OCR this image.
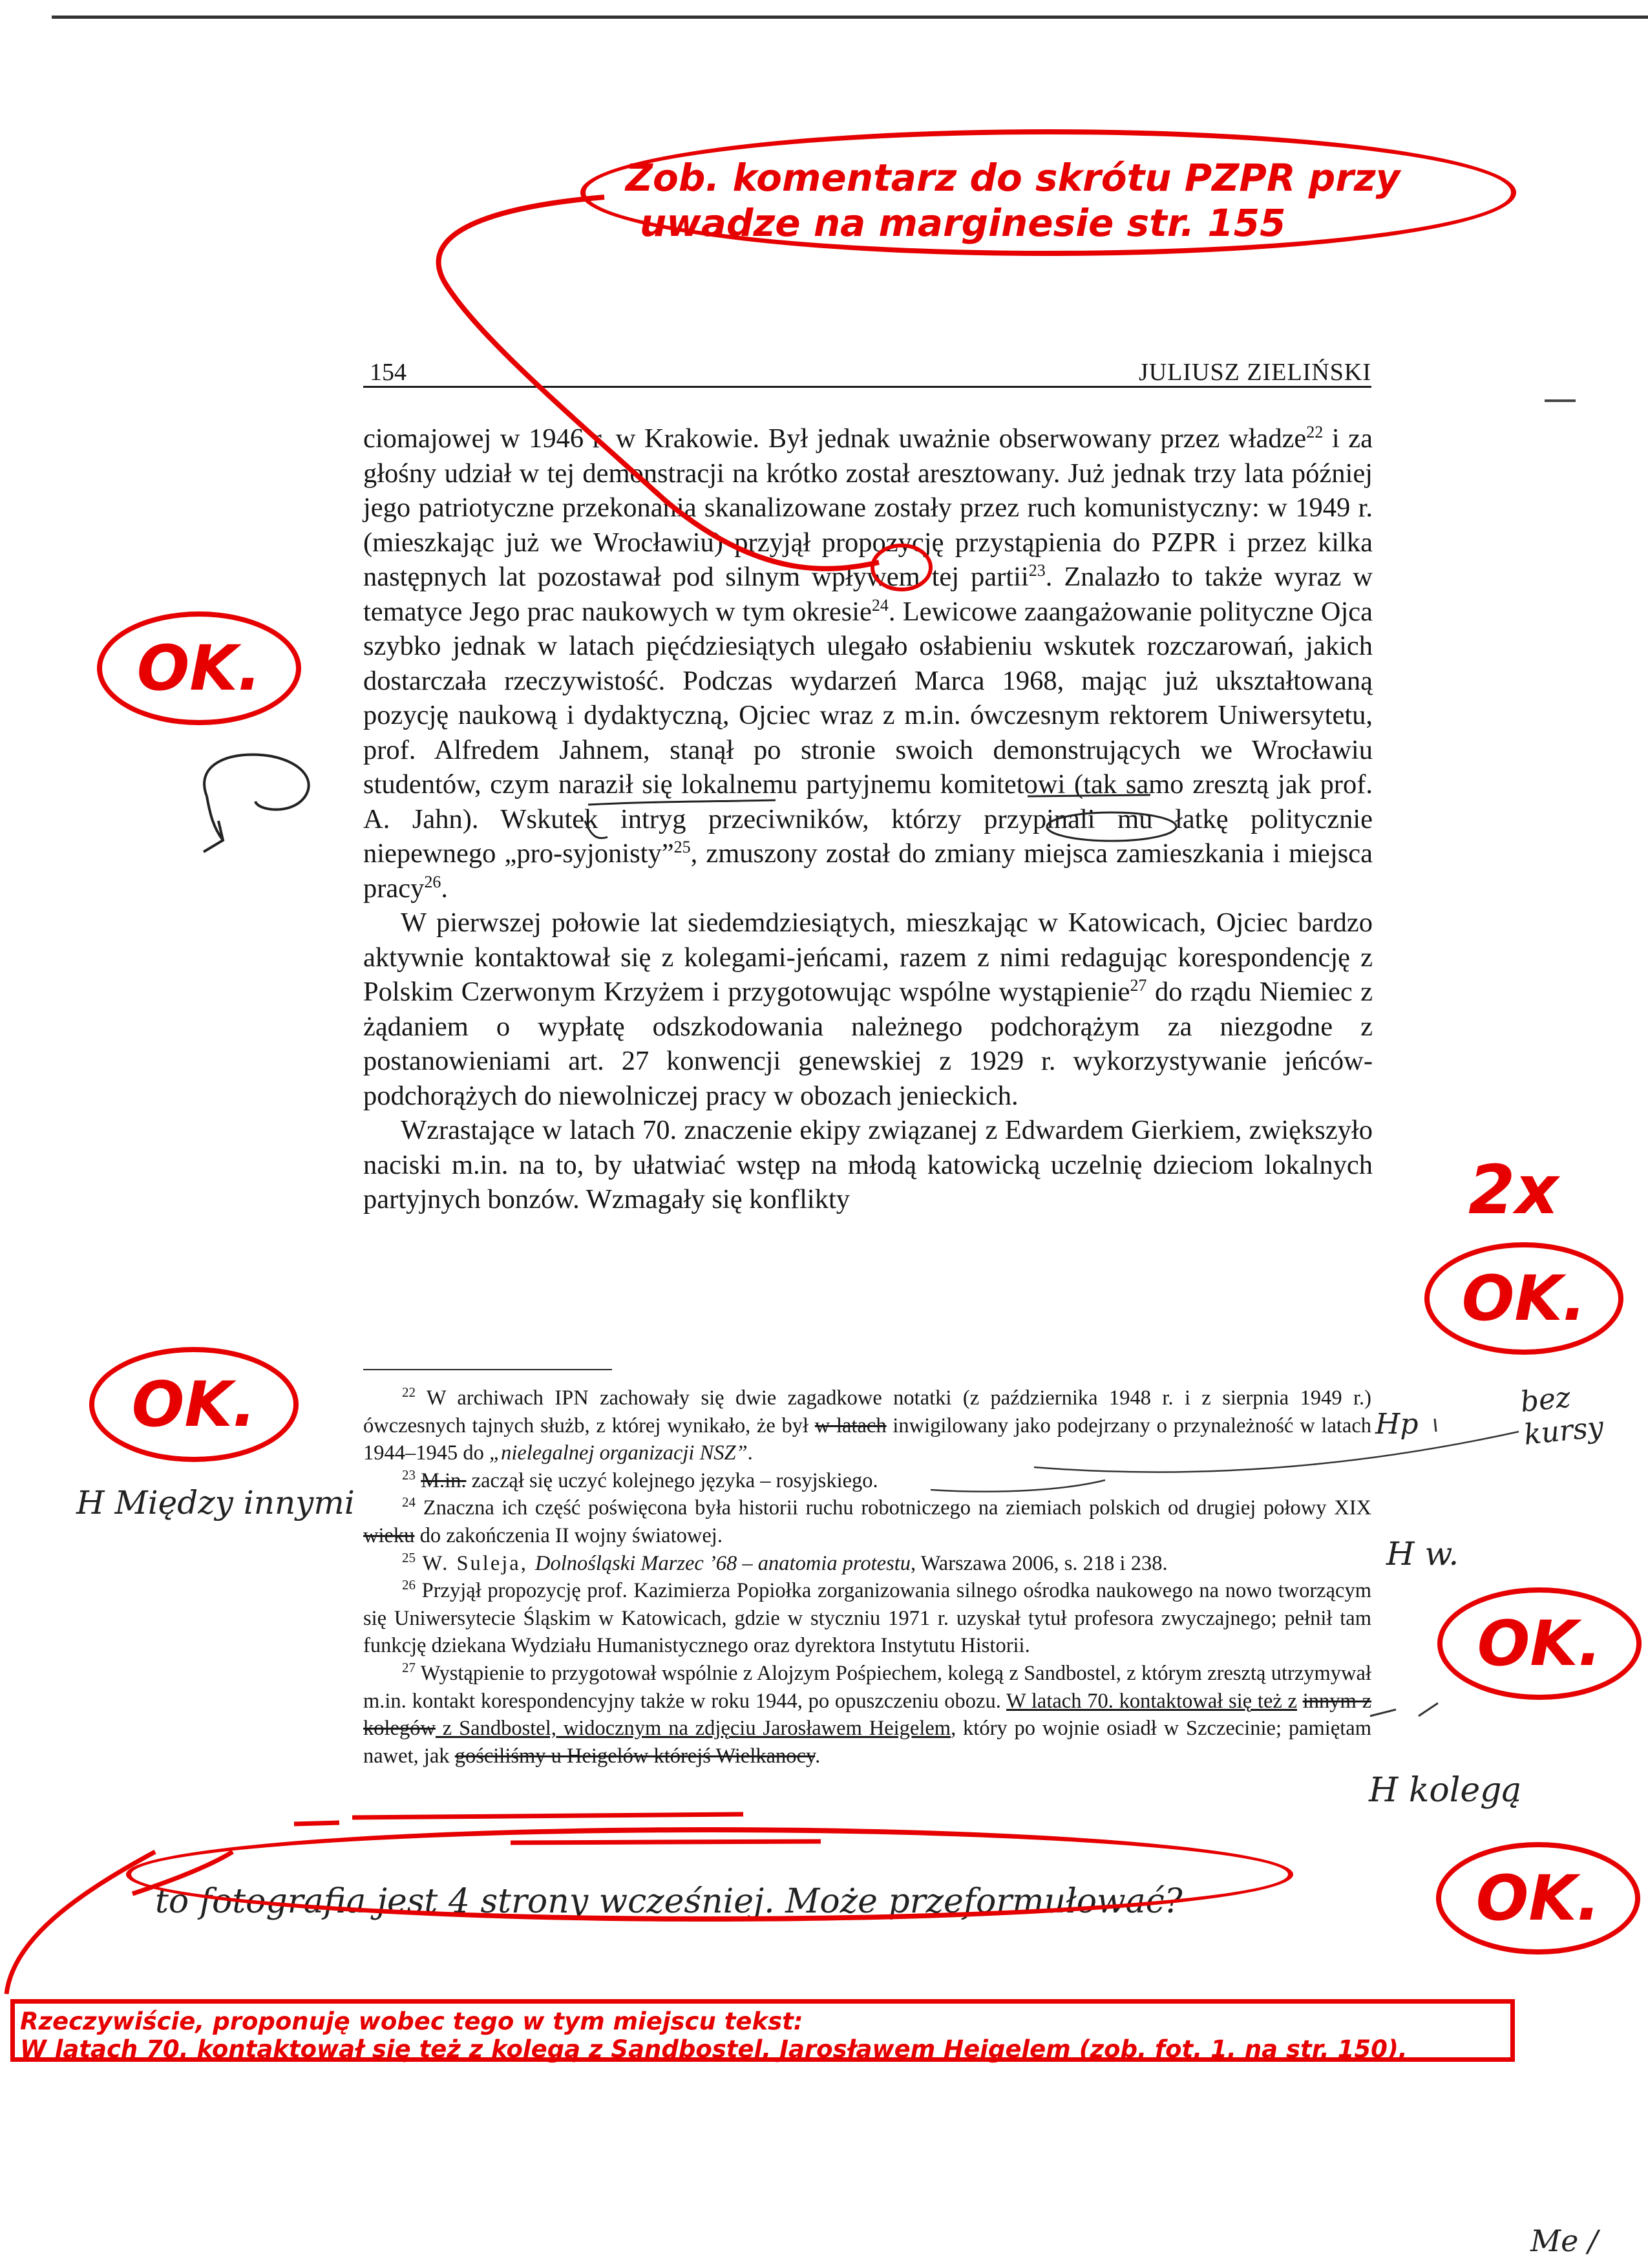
154	JULIUSZ ZIELIŃSKI

ciomajowej w 1946 r. w Krakowie. Był jednak uważnie obserwowany przez władze$^{22}$ i za głośny udział w tej demonstracji na krótko został aresztowany. Już jednak trzy lata później jego patriotyczne przekonania skanalizowane zostały przez ruch komunistyczny: w 1949 r. (mieszkając już we Wrocławiu) przyjął propozycję przystąpienia do PZPR i przez kilka następnych lat pozostawał pod silnym wpływem tej partii$^{23}$. Znalazło to także wyraz w tematyce Jego prac naukowych w tym okresie$^{24}$. Lewicowe zaangażowanie polityczne Ojca szybko jednak w latach pięćdziesiątych ulegało osłabieniu wskutek rozczarowań, jakich dostarczała rzeczywistość. Podczas wydarzeń Marca 1968, mając już ukształtowaną pozycję naukową i dydaktyczną, Ojciec wraz z m.in. ówczesnym rektorem Uniwersytetu, prof. Alfredem Jahnem, stanął po stronie swoich demonstrujących we Wrocławiu studentów, czym naraził się lokalnemu partyjnemu komitetowi (tak samo zresztą jak prof. A. Jahn). Wskutek intryg przeciwników, którzy przypinali mu łatkę politycznie niepewnego „pro-syjonisty”$^{25}$, zmuszony został do zmiany miejsca zamieszkania i miejsca pracy$^{26}$.

W pierwszej połowie lat siedemdziesiątych, mieszkając w Katowicach, Ojciec bardzo aktywnie kontaktował się z kolegami-jeńcami, razem z nimi redagując korespondencję z Polskim Czerwonym Krzyżem i przygotowując wspólne wystąpienie$^{27}$ do rządu Niemiec z żądaniem o wypłatę odszkodowania należnego podchorążym za niezgodne z postanowieniami art. 27 konwencji genewskiej z 1929 r. wykorzystywanie jeńców-podchorążych do niewolniczej pracy w obozach jenieckich.

Wzrastające w latach 70. znaczenie ekipy związanej z Edwardem Gierkiem, zwiększyło naciski m.in. na to, by ułatwiać wstęp na młodą katowicką uczelnię dzieciom lokalnych partyjnych bonzów. Wzmagały się konflikty

$^{22}$ W archiwach IPN zachowały się dwie zagadkowe notatki (z października 1948 r. i z sierpnia 1949 r.) ówczesnych tajnych służb, z której wynikało, że był w latach inwigilowany jako podejrzany o przynależność w latach 1944–1945 do „nielegalnej organizacji NSZ”.

$^{23}$ M.in. zaczął się uczyć kolejnego języka – rosyjskiego.

$^{24}$ Znaczna ich część poświęcona była historii ruchu robotniczego na ziemiach polskich od drugiej połowy XIX wieku do zakończenia II wojny światowej.

$^{25}$ W. Suleja, Dolnośląski Marzec ’68 – anatomia protestu, Warszawa 2006, s. 218 i 238.

$^{26}$ Przyjął propozycję prof. Kazimierza Popiołka zorganizowania silnego ośrodka naukowego na nowo tworzącym się Uniwersytecie Śląskim w Katowicach, gdzie w styczniu 1971 r. uzyskał tytuł profesora zwyczajnego; pełnił tam funkcję dziekana Wydziału Humanistycznego oraz dyrektora Instytutu Historii.

$^{27}$ Wystąpienie to przygotował wspólnie z Alojzym Pośpiechem, kolegą z Sandbostel, z którym zresztą utrzymywał m.in. kontakt korespondencyjny także w roku 1944, po opuszczeniu obozu. W latach 70. kontaktował się też z innym z kolegów z Sandbostel, widocznym na zdjęciu Jarosławem Heigelem, który po wojnie osiadł w Szczecinie; pamiętam nawet, jak gościliśmy u Heigelów którejś Wielkanocy.

H Między innymi
bez kursy
Hp
H w.
H kolegą
to fotografia jest 4 strony wcześniej. Może przeformułować?
Me /
Zob. komentarz do skrótu PZPR przy
uwadze na marginesie str. 155
OK.
OK.
2x
OK.
OK.
OK.
Rzeczywiście, proponuję wobec tego w tym miejscu tekst:
W latach 70. kontaktował się też z kolegą z Sandbostel, Jarosławem Heigelem (zob. fot. 1. na str. 150),
